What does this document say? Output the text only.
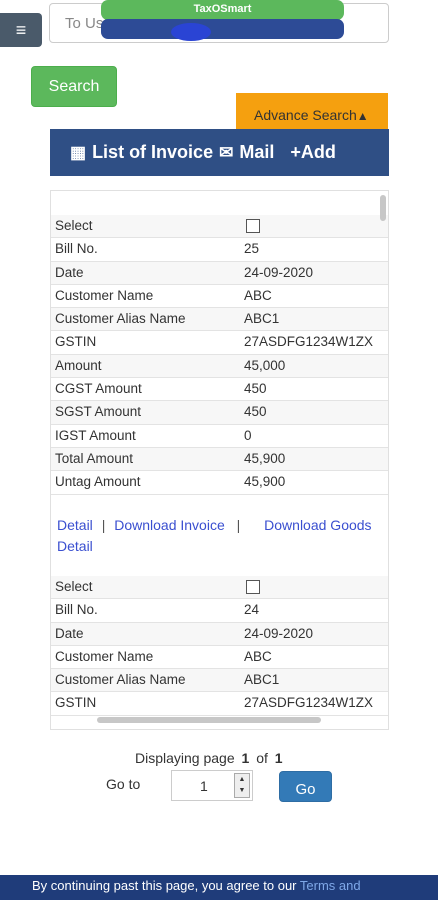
To Us
TaxOSmart
≡
Search
Advance Search▲
▦ List of Invoice ✉ Mail +Add
Select
Bill No.	25
Date	24-09-2020
Customer Name	ABC
Customer Alias Name	ABC1
GSTIN	27ASDFG1234W1ZX
Amount	45,000
CGST Amount	450
SGST Amount	450
IGST Amount	0
Total Amount	45,900
Untag Amount	45,900
Detail | Download Invoice | Download Goods Detail
Select
Bill No.	24
Date	24-09-2020
Customer Name	ABC
Customer Alias Name	ABC1
GSTIN	27ASDFG1234W1ZX
Displaying page 1 of 1
Go to	1	▲
▼	Go
By continuing past this page, you agree to our Terms and
